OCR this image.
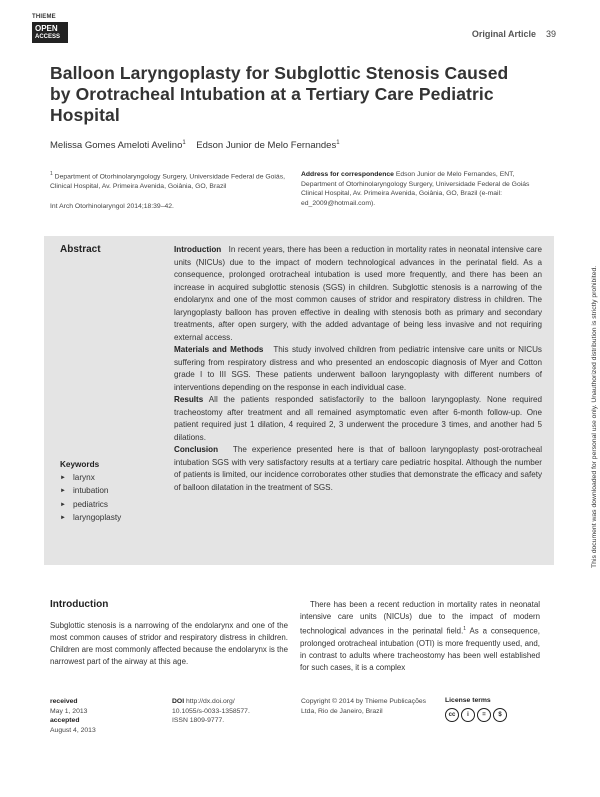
THIEME
OPEN
ACCESS	Original Article 39
Balloon Laryngoplasty for Subglottic Stenosis Caused by Orotracheal Intubation at a Tertiary Care Pediatric Hospital
Melissa Gomes Ameloti Avelino$^1$ Edson Junior de Melo Fernandes$^1$
$^1$ Department of Otorhinolaryngology Surgery, Universidade Federal de Goiás, Clinical Hospital, Av. Primeira Avenida, Goiânia, GO, Brazil
Int Arch Otorhinolaryngol 2014;18:39–42.
Address for correspondence Edson Junior de Melo Fernandes, ENT, Department of Otorhinolaryngology Surgery, Universidade Federal de Goiás Clinical Hospital, Av. Primeira Avenida, Goiânia, GO, Brazil (e-mail: ed_2009@hotmail.com).
Abstract	Introduction In recent years, there has been a reduction in mortality rates in neonatal intensive care units (NICUs) due to the impact of modern technological advances in the perinatal field. As a consequence, prolonged orotracheal intubation is used more frequently, and there has been an increase in acquired subglottic stenosis (SGS) in children. Subglottic stenosis is a narrowing of the endolarynx and one of the most common causes of stridor and respiratory distress in children. The laryngoplasty balloon has proven effective in dealing with stenosis both as primary and secondary treatments, after open surgery, with the added advantage of being less invasive and not requiring external access.

Materials and Methods This study involved children from pediatric intensive care units or NICUs suffering from respiratory distress and who presented an endoscopic diagnosis of Myer and Cotton grade I to III SGS. These patients underwent balloon laryngoplasty with different numbers of interventions depending on the response in each individual case.

Results All the patients responded satisfactorily to the balloon laryngoplasty. None required tracheostomy after treatment and all remained asymptomatic even after 6-month follow-up. One patient required just 1 dilation, 4 required 2, 3 underwent the procedure 3 times, and another had 5 dilations.

Conclusion The experience presented here is that of balloon laryngoplasty post-orotracheal intubation SGS with very satisfactory results at a tertiary care pediatric hospital. Although the number of patients is limited, our incidence corroborates other studies that demonstrate the efficacy and safety of balloon dilatation in the treatment of SGS.

Keywords
► larynx
► intubation
► pediatrics
► laryngoplasty	This document was downloaded for personal use only. Unauthorized distribution is strictly prohibited.
Introduction
Subglottic stenosis is a narrowing of the endolarynx and one of the most common causes of stridor and respiratory distress in children. Children are most commonly affected because the endolarynx is the narrowest part of the airway at this age.
There has been a recent reduction in mortality rates in neonatal intensive care units (NICUs) due to the impact of modern technological advances in the perinatal field.$^1$ As a consequence, prolonged orotracheal intubation (OTI) is more frequently used, and, in contrast to adults where tracheostomy has been well established for such cases, it is a complex
received
May 1, 2013
accepted
August 4, 2013
DOI http://dx.doi.org/
10.1055/s-0033-1358577.
ISSN 1809-9777.
Copyright © 2014 by Thieme Publicações Ltda, Rio de Janeiro, Brazil
License terms
cc	i	=	$
